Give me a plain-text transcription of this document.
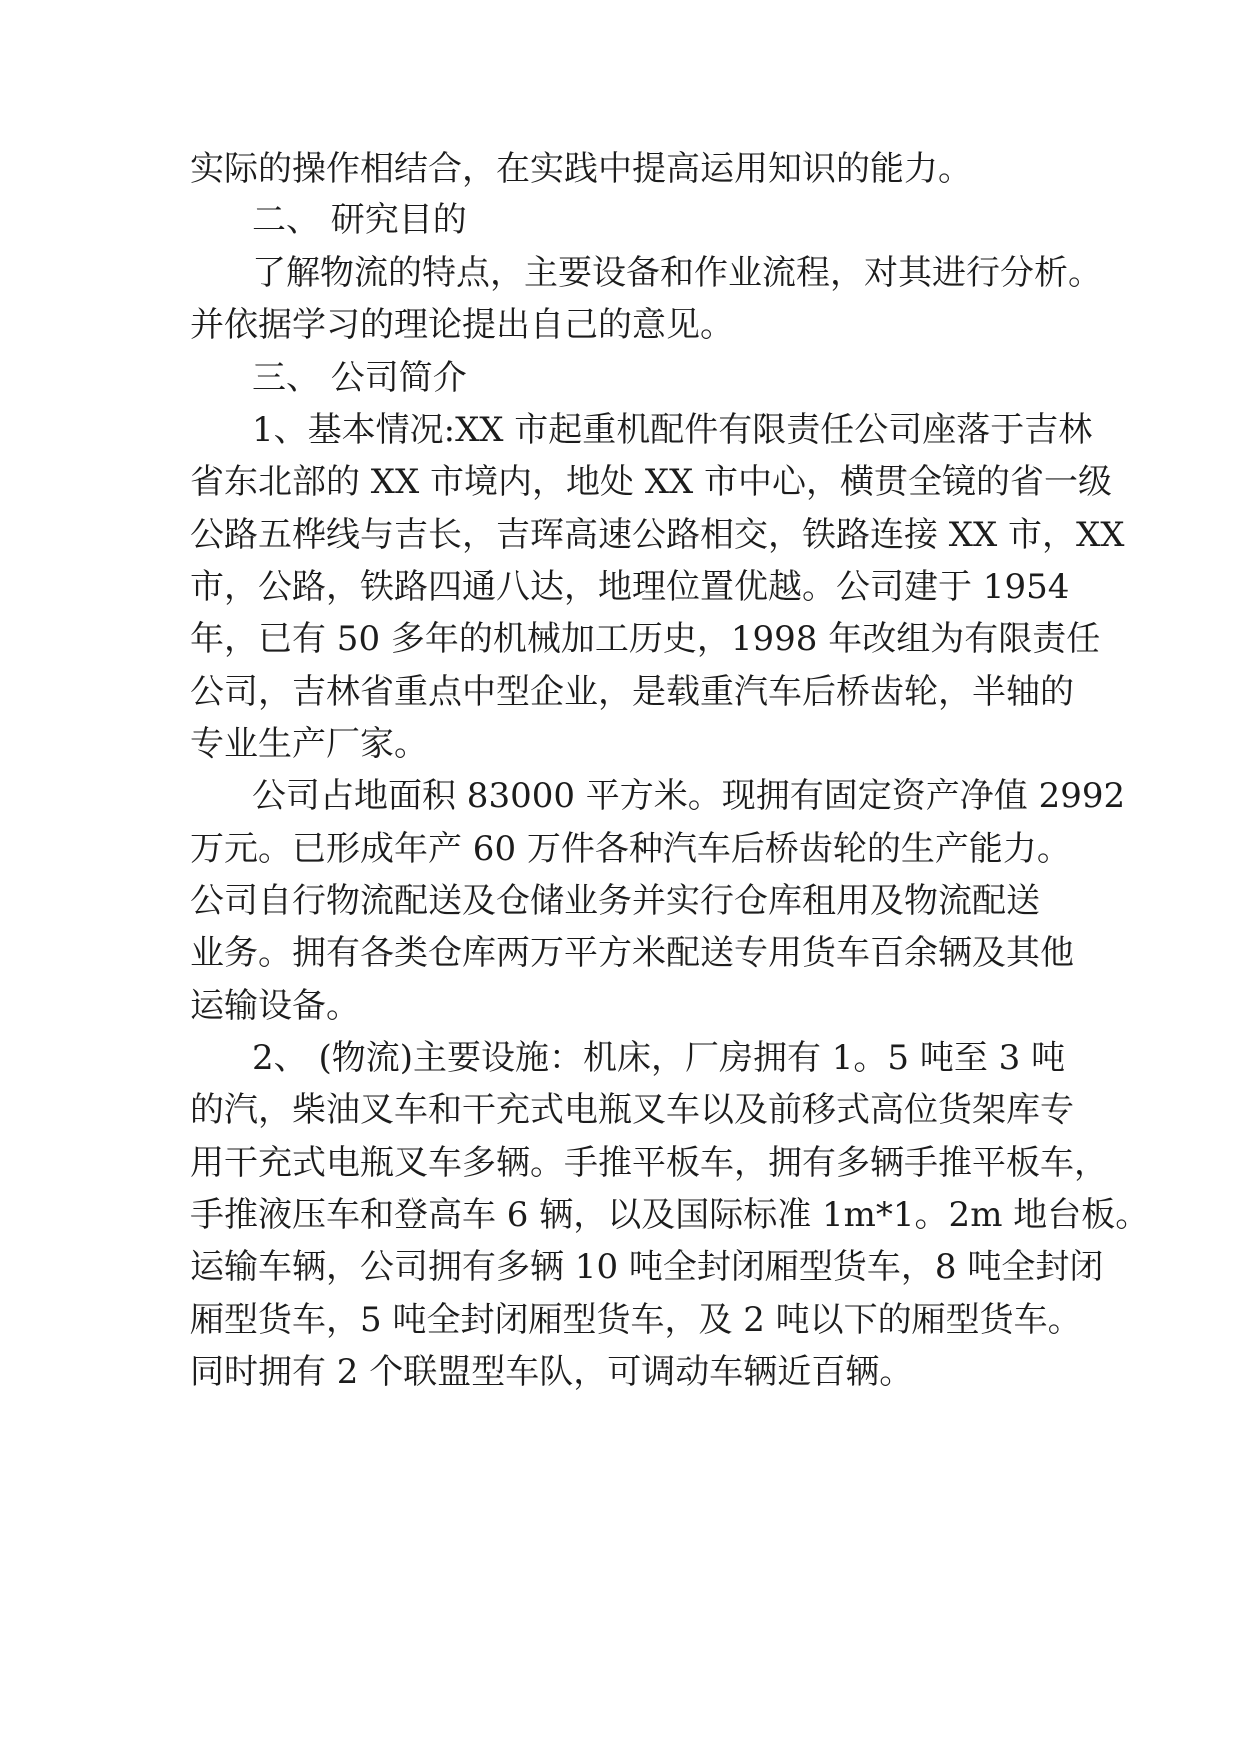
实际的操作相结合，在实践中提高运用知识的能力。
二、 研究目的
了解物流的特点，主要设备和作业流程，对其进行分析。
并依据学习的理论提出自己的意见。
三、 公司简介
1、基本情况:XX 市起重机配件有限责任公司座落于吉林
省东北部的 XX 市境内，地处 XX 市中心，横贯全镜的省一级
公路五桦线与吉长，吉珲高速公路相交，铁路连接 XX 市，XX
市，公路，铁路四通八达，地理位置优越。公司建于 1954
年，已有 50 多年的机械加工历史，1998 年改组为有限责任
公司，吉林省重点中型企业，是载重汽车后桥齿轮，半轴的
专业生产厂家。
公司占地面积 83000 平方米。现拥有固定资产净值 2992
万元。已形成年产 60 万件各种汽车后桥齿轮的生产能力。
公司自行物流配送及仓储业务并实行仓库租用及物流配送
业务。拥有各类仓库两万平方米配送专用货车百余辆及其他
运输设备。
2、 (物流)主要设施：机床，厂房拥有 1。5 吨至 3 吨
的汽，柴油叉车和干充式电瓶叉车以及前移式高位货架库专
用干充式电瓶叉车多辆。手推平板车，拥有多辆手推平板车，
手推液压车和登高车 6 辆，以及国际标准 1m*1。2m 地台板。
运输车辆，公司拥有多辆 10 吨全封闭厢型货车，8 吨全封闭
厢型货车，5 吨全封闭厢型货车，及 2 吨以下的厢型货车。
同时拥有 2 个联盟型车队，可调动车辆近百辆。
